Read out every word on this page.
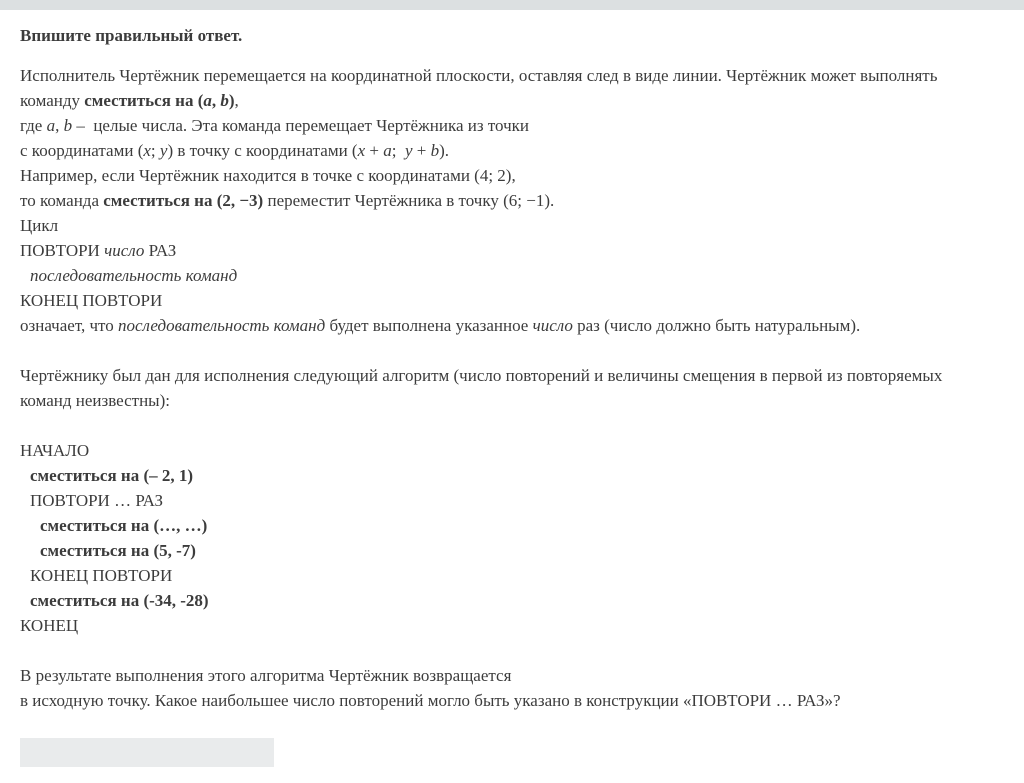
Впишите правильный ответ.

Исполнитель Чертёжник перемещается на координатной плоскости, оставляя след в виде линии. Чертёжник может выполнять
команду сместиться на (a, b),
где a, b –  целые числа. Эта команда перемещает Чертёжника из точки
с координатами (x; y) в точку с координатами (x + a;  y + b).
Например, если Чертёжник находится в точке с координатами (4; 2),
то команда сместиться на (2, −3) переместит Чертёжника в точку (6; −1).
Цикл
ПОВТОРИ число РАЗ
последовательность команд
КОНЕЦ ПОВТОРИ
означает, что последовательность команд будет выполнена указанное число раз (число должно быть натуральным).

Чертёжнику был дан для исполнения следующий алгоритм (число повторений и величины смещения в первой из повторяемых
команд неизвестны):

НАЧАЛО
сместиться на (– 2, 1)
ПОВТОРИ … РАЗ
сместиться на (…, …)
сместиться на (5, -7)
КОНЕЦ ПОВТОРИ
сместиться на (-34, -28)
КОНЕЦ

В результате выполнения этого алгоритма Чертёжник возвращается
в исходную точку. Какое наибольшее число повторений могло быть указано в конструкции «ПОВТОРИ … РАЗ»?
